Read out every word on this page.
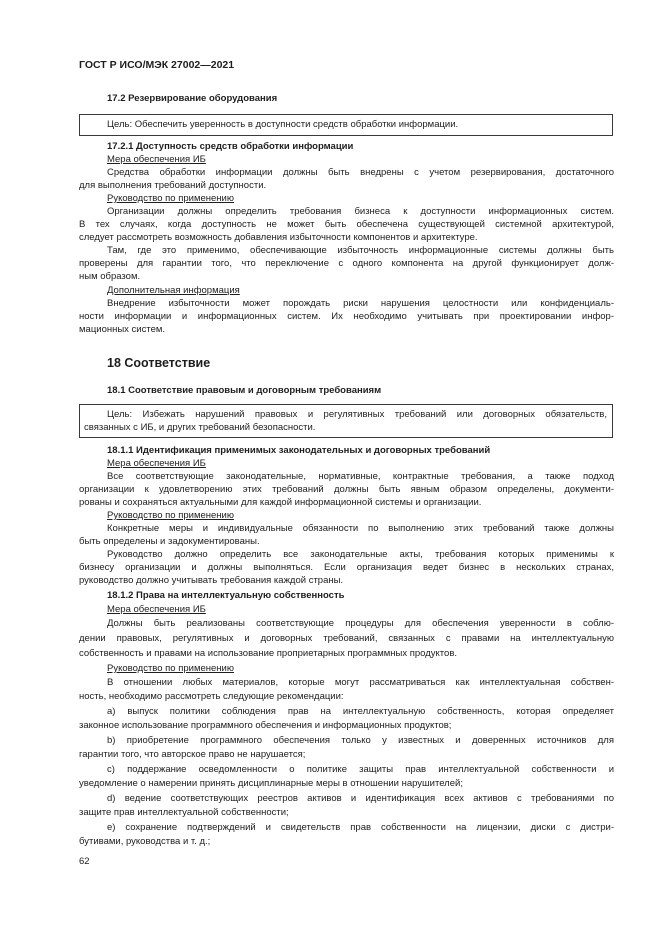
ГОСТ Р ИСО/МЭК 27002—2021

17.2 Резервирование оборудования

Цель: Обеспечить уверенность в доступности средств обработки информации.

17.2.1 Доступность средств обработки информации

Мера обеспечения ИБ

Средства обработки информации должны быть внедрены с учетом резервирования, достаточного

для выполнения требований доступности.

Руководство по применению

Организации должны определить требования бизнеса к доступности информационных систем.

В тех случаях, когда доступность не может быть обеспечена существующей системной архитектурой,

следует рассмотреть возможность добавления избыточности компонентов и архитектуре.

Там, где это применимо, обеспечивающие избыточность информационные системы должны быть

проверены для гарантии того, что переключение с одного компонента на другой функционирует долж-

ным образом.

Дополнительная информация

Внедрение избыточности может порождать риски нарушения целостности или конфиденциаль-

ности информации и информационных систем. Их необходимо учитывать при проектировании инфор-

мационных систем.

18 Соответствие

18.1 Соответствие правовым и договорным требованиям

Цель: Избежать нарушений правовых и регулятивных требований или договорных обязательств,

связанных с ИБ, и других требований безопасности.

18.1.1 Идентификация применимых законодательных и договорных требований

Мера обеспечения ИБ

Все соответствующие законодательные, нормативные, контрактные требования, а также подход

организации к удовлетворению этих требований должны быть явным образом определены, документи-

рованы и сохраняться актуальными для каждой информационной системы и организации.

Руководство по применению

Конкретные меры и индивидуальные обязанности по выполнению этих требований также должны

быть определены и задокументированы.

Руководство должно определить все законодательные акты, требования которых применимы к

бизнесу организации и должны выполняться. Если организация ведет бизнес в нескольких странах,

руководство должно учитывать требования каждой страны.

18.1.2 Права на интеллектуальную собственность

Мера обеспечения ИБ

Должны быть реализованы соответствующие процедуры для обеспечения уверенности в соблю-

дении правовых, регулятивных и договорных требований, связанных с правами на интеллектуальную

собственность и правами на использование проприетарных программных продуктов.

Руководство по применению

В отношении любых материалов, которые могут рассматриваться как интеллектуальная собствен-

ность, необходимо рассмотреть следующие рекомендации:

а) выпуск политики соблюдения прав на интеллектуальную собственность, которая определяет

законное использование программного обеспечения и информационных продуктов;

b) приобретение программного обеспечения только у известных и доверенных источников для

гарантии того, что авторское право не нарушается;

с) поддержание осведомленности о политике защиты прав интеллектуальной собственности и

уведомление о намерении принять дисциплинарные меры в отношении нарушителей;

d) ведение соответствующих реестров активов и идентификация всех активов с требованиями по

защите прав интеллектуальной собственности;

е) сохранение подтверждений и свидетельств прав собственности на лицензии, диски с дистри-

бутивами, руководства и т. д.;

62
